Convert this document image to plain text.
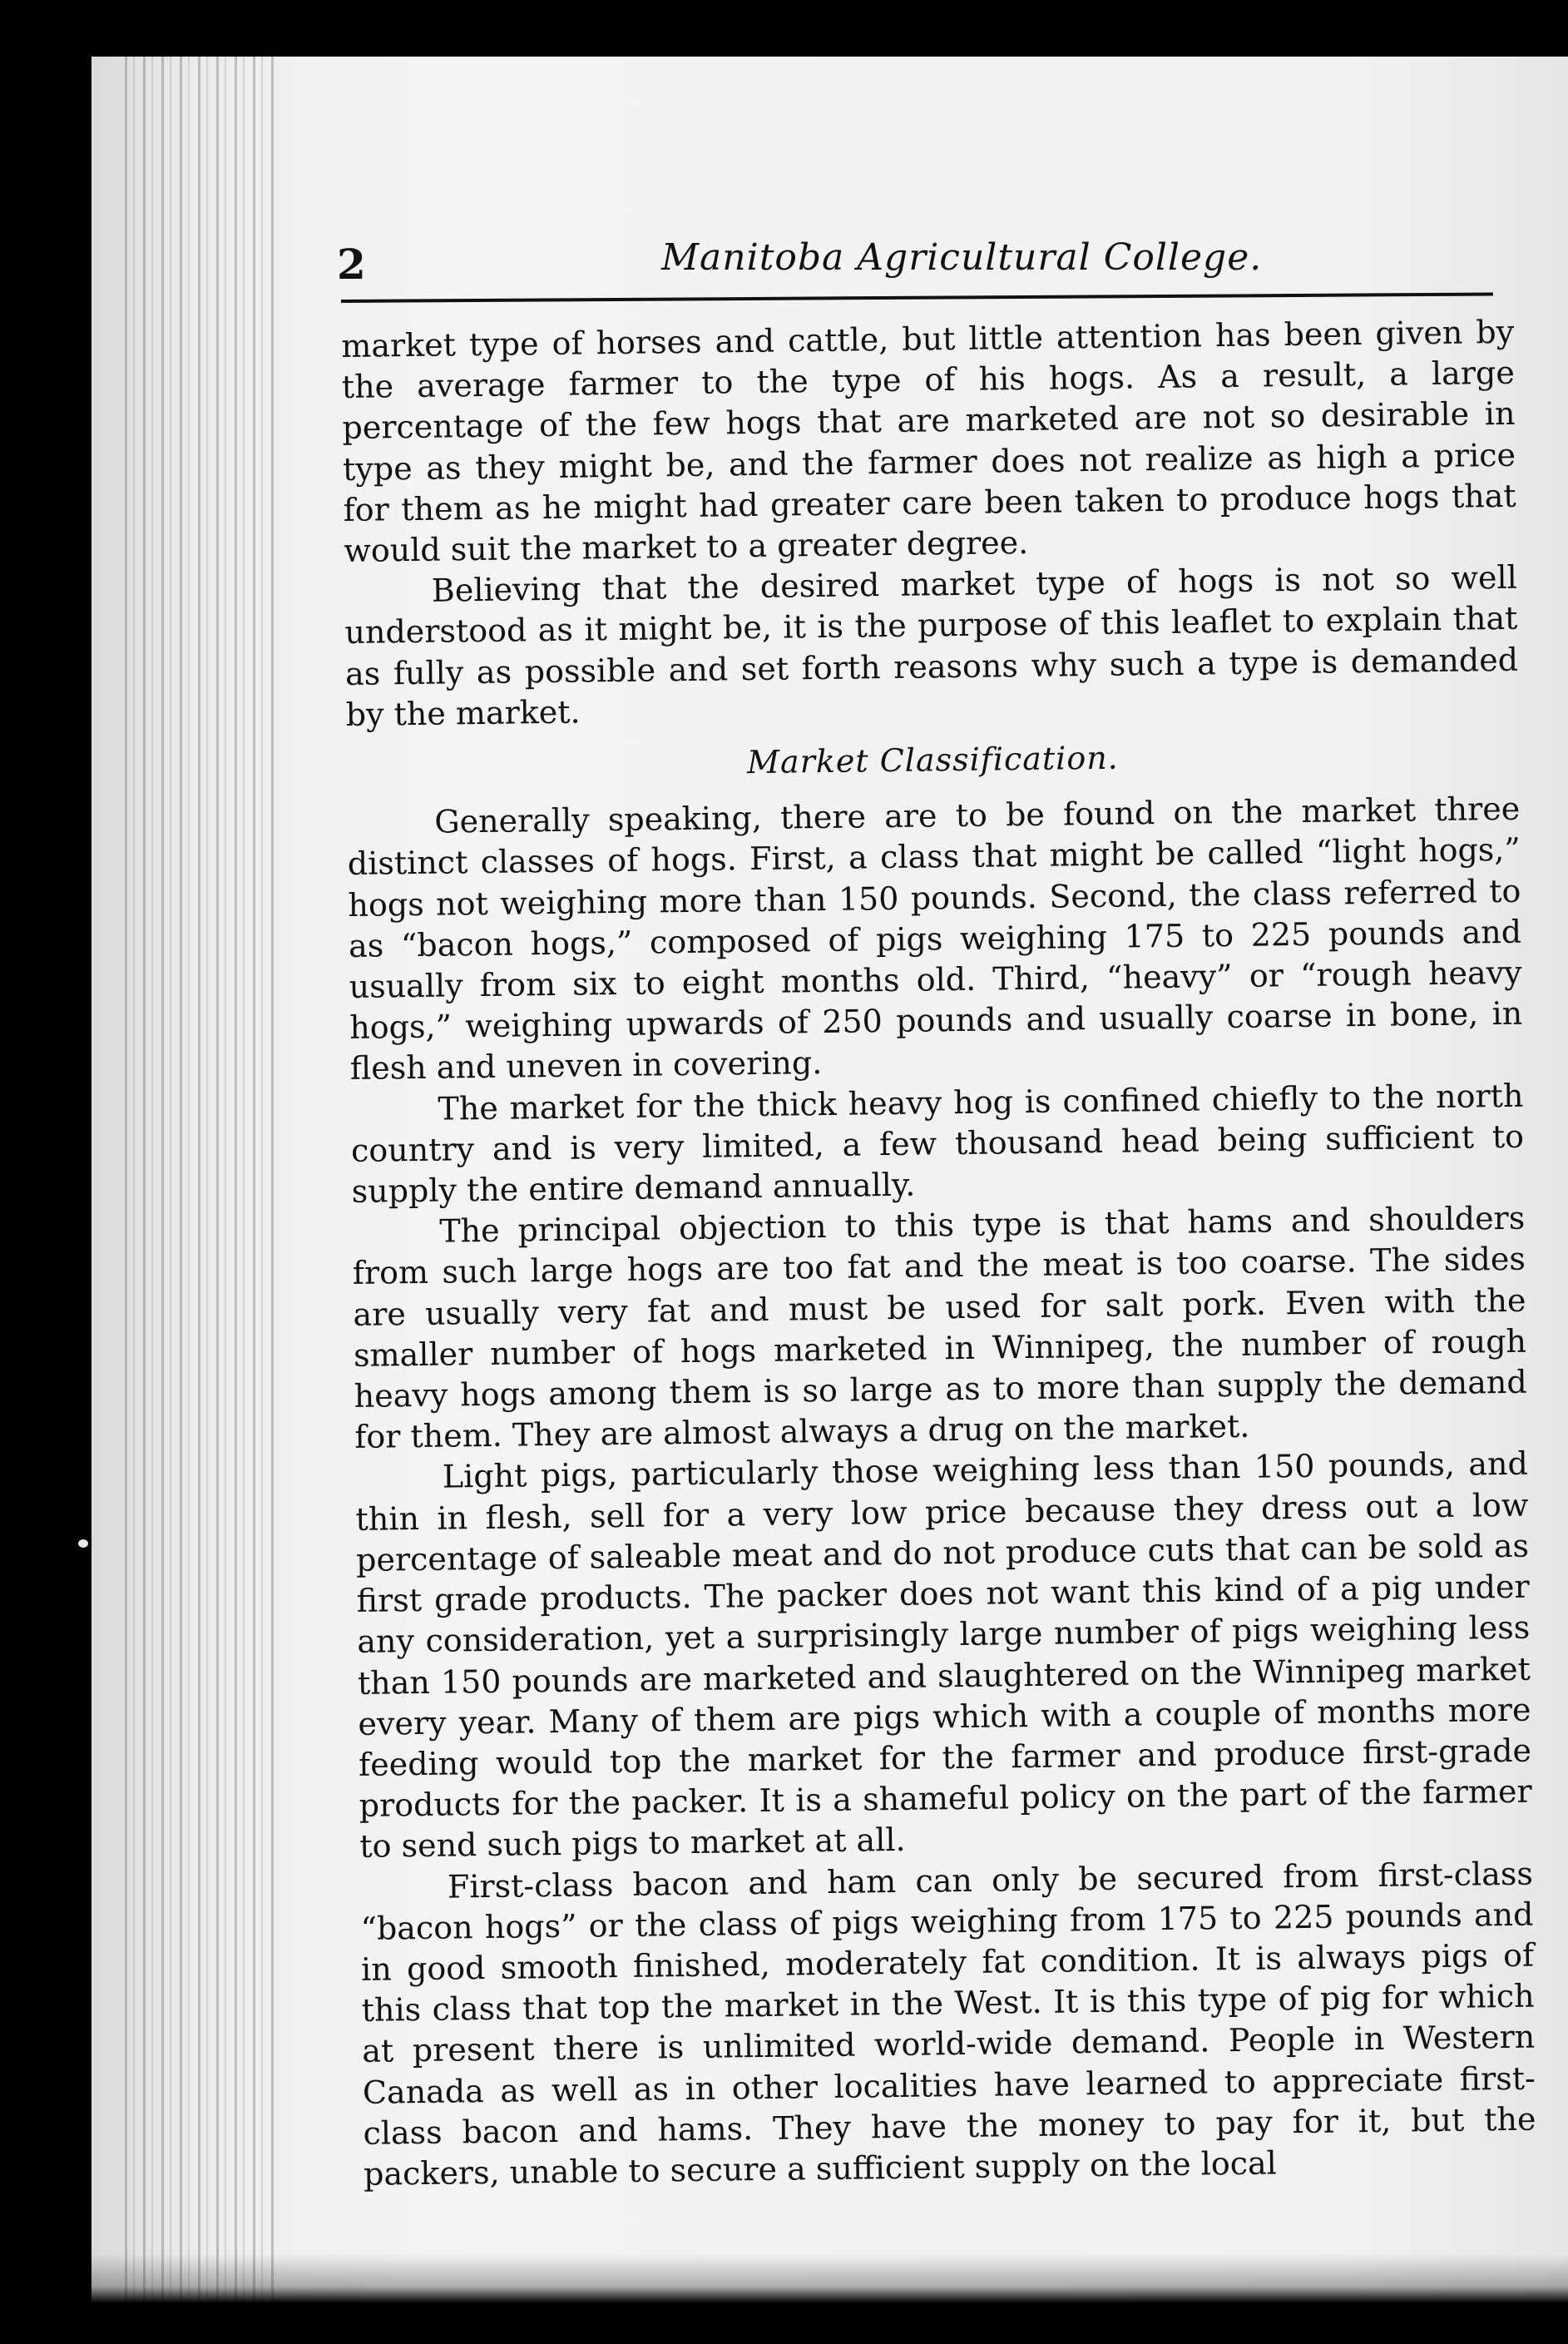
2	Manitoba Agricultural College.

market type of horses and cattle, but little attention has been given by the average farmer to the type of his hogs. As a result, a large percentage of the few hogs that are marketed are not so desirable in type as they might be, and the farmer does not realize as high a price for them as he might had greater care been taken to produce hogs that would suit the market to a greater degree.

Believing that the desired market type of hogs is not so well understood as it might be, it is the purpose of this leaflet to explain that as fully as possible and set forth reasons why such a type is demanded by the market.

Market Classification.

Generally speaking, there are to be found on the market three distinct classes of hogs. First, a class that might be called “light hogs,” hogs not weighing more than 150 pounds. Second, the class referred to as “bacon hogs,” composed of pigs weighing 175 to 225 pounds and usually from six to eight months old. Third, “heavy” or “rough heavy hogs,” weighing upwards of 250 pounds and usually coarse in bone, in flesh and uneven in covering.

The market for the thick heavy hog is confined chiefly to the north country and is very limited, a few thousand head being sufficient to supply the entire demand annually.

The principal objection to this type is that hams and shoulders from such large hogs are too fat and the meat is too coarse. The sides are usually very fat and must be used for salt pork. Even with the smaller number of hogs marketed in Winnipeg, the number of rough heavy hogs among them is so large as to more than supply the demand for them. They are almost always a drug on the market.

Light pigs, particularly those weighing less than 150 pounds, and thin in flesh, sell for a very low price because they dress out a low percentage of saleable meat and do not produce cuts that can be sold as first grade products. The packer does not want this kind of a pig under any consideration, yet a surprisingly large number of pigs weighing less than 150 pounds are marketed and slaughtered on the Winnipeg market every year. Many of them are pigs which with a couple of months more feeding would top the market for the farmer and produce first-grade products for the packer. It is a shameful policy on the part of the farmer to send such pigs to market at all.

First-class bacon and ham can only be secured from first-class “bacon hogs” or the class of pigs weighing from 175 to 225 pounds and in good smooth finished, moderately fat condition. It is always pigs of this class that top the market in the West. It is this type of pig for which at present there is unlimited world-wide demand. People in Western Canada as well as in other localities have learned to appreciate first-class bacon and hams. They have the money to pay for it, but the packers, unable to secure a sufficient supply on the local
